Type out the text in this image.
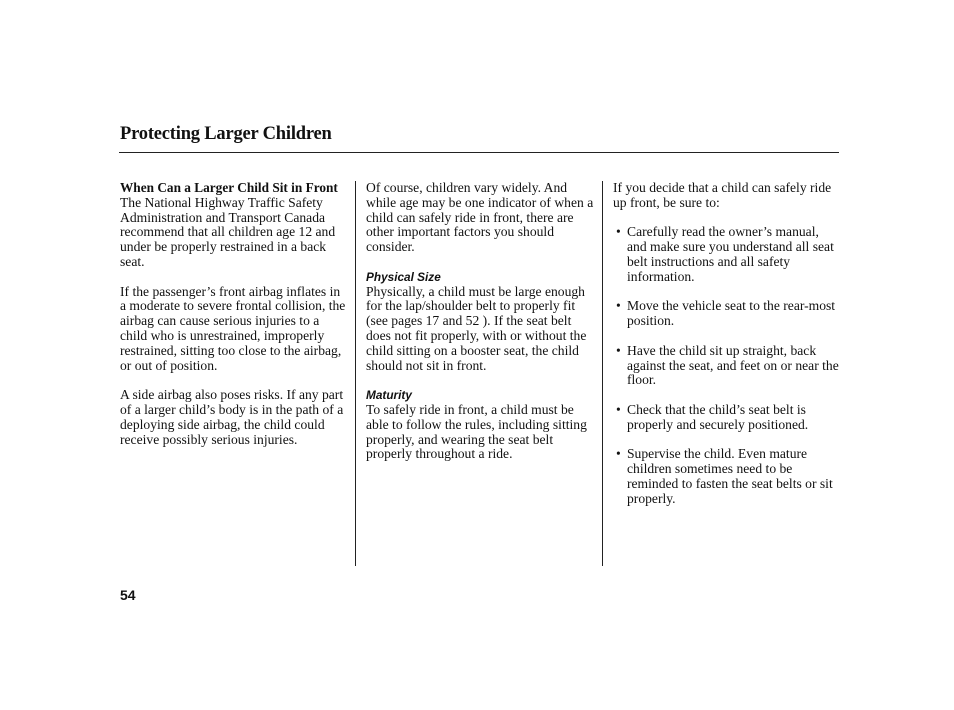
Protecting Larger Children
When Can a Larger Child Sit in Front

The National Highway Traffic Safety Administration and Transport Canada recommend that all children age 12 and under be properly restrained in a back seat.

If the passenger’s front airbag inflates in a moderate to severe frontal collision, the airbag can cause serious injuries to a child who is unrestrained, improperly restrained, sitting too close to the airbag, or out of position.

A side airbag also poses risks. If any part of a larger child’s body is in the path of a deploying side airbag, the child could receive possibly serious injuries.

Of course, children vary widely. And while age may be one indicator of when a child can safely ride in front, there are other important factors you should consider.

Physical Size

Physically, a child must be large enough for the lap/shoulder belt to properly fit (see pages 17 and 52 ). If the seat belt does not fit properly, with or without the child sitting on a booster seat, the child should not sit in front.

Maturity

To safely ride in front, a child must be able to follow the rules, including sitting properly, and wearing the seat belt properly throughout a ride.

If you decide that a child can safely ride up front, be sure to:

• Carefully read the owner’s manual, and make sure you understand all seat belt instructions and all safety information.
• Move the vehicle seat to the rear-most position.
• Have the child sit up straight, back against the seat, and feet on or near the floor.
• Check that the child’s seat belt is properly and securely positioned.
• Supervise the child. Even mature children sometimes need to be reminded to fasten the seat belts or sit properly.
54
